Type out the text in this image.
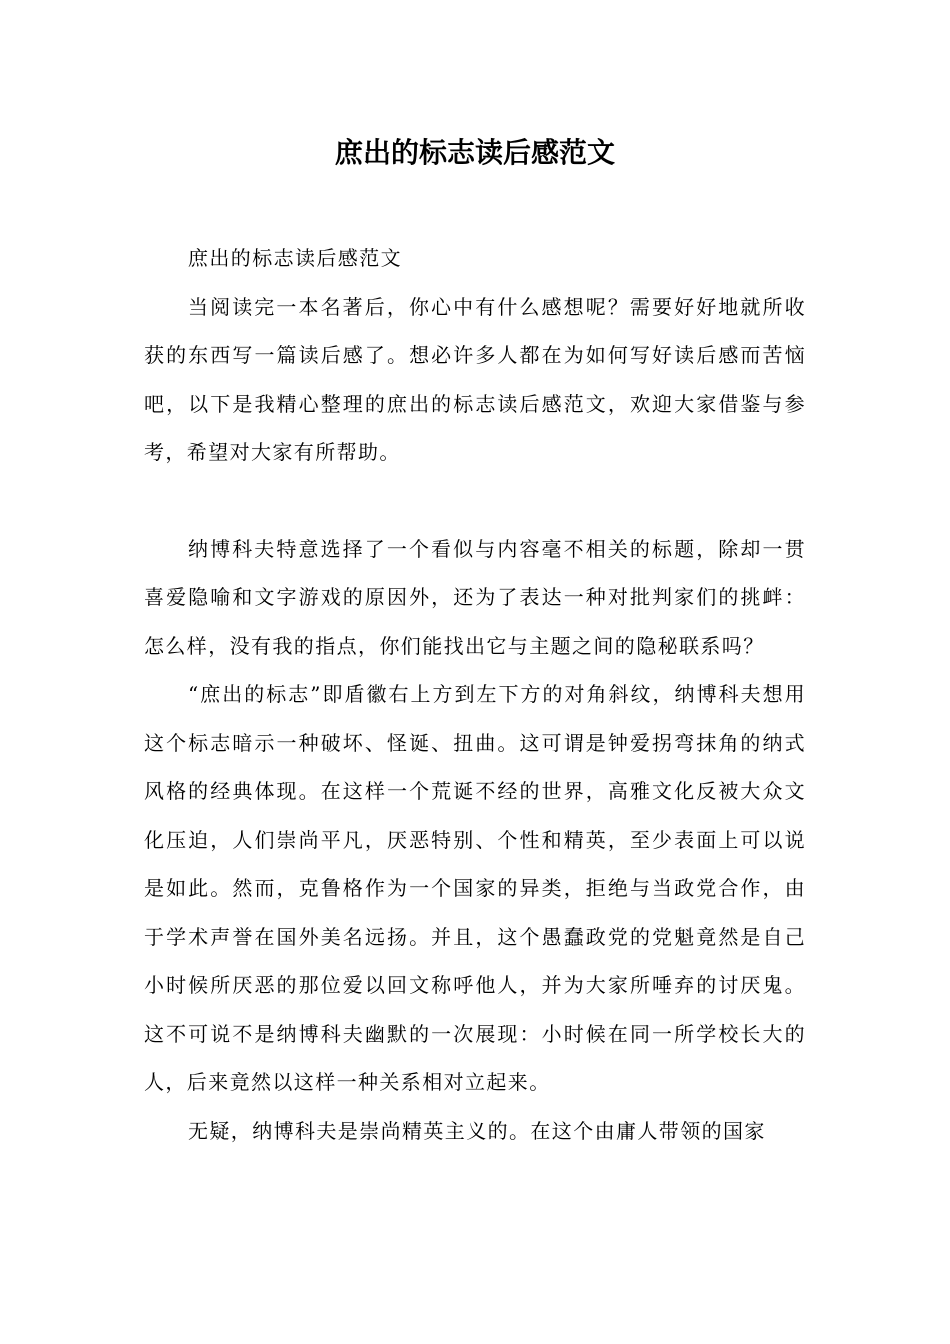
庶出的标志读后感范文

庶出的标志读后感范文

当阅读完一本名著后，你心中有什么感想呢？需要好好地就所收获的东西写一篇读后感了。想必许多人都在为如何写好读后感而苦恼吧，以下是我精心整理的庶出的标志读后感范文，欢迎大家借鉴与参考，希望对大家有所帮助。

纳博科夫特意选择了一个看似与内容毫不相关的标题，除却一贯喜爱隐喻和文字游戏的原因外，还为了表达一种对批判家们的挑衅：怎么样，没有我的指点，你们能找出它与主题之间的隐秘联系吗？

“庶出的标志”即盾徽右上方到左下方的对角斜纹，纳博科夫想用这个标志暗示一种破坏、怪诞、扭曲。这可谓是钟爱拐弯抹角的纳式风格的经典体现。在这样一个荒诞不经的世界，高雅文化反被大众文化压迫，人们崇尚平凡，厌恶特别、个性和精英，至少表面上可以说是如此。然而，克鲁格作为一个国家的异类，拒绝与当政党合作，由于学术声誉在国外美名远扬。并且，这个愚蠢政党的党魁竟然是自己小时候所厌恶的那位爱以回文称呼他人，并为大家所唾弃的讨厌鬼。这不可说不是纳博科夫幽默的一次展现：小时候在同一所学校长大的人，后来竟然以这样一种关系相对立起来。

无疑，纳博科夫是崇尚精英主义的。在这个由庸人带领的国家
